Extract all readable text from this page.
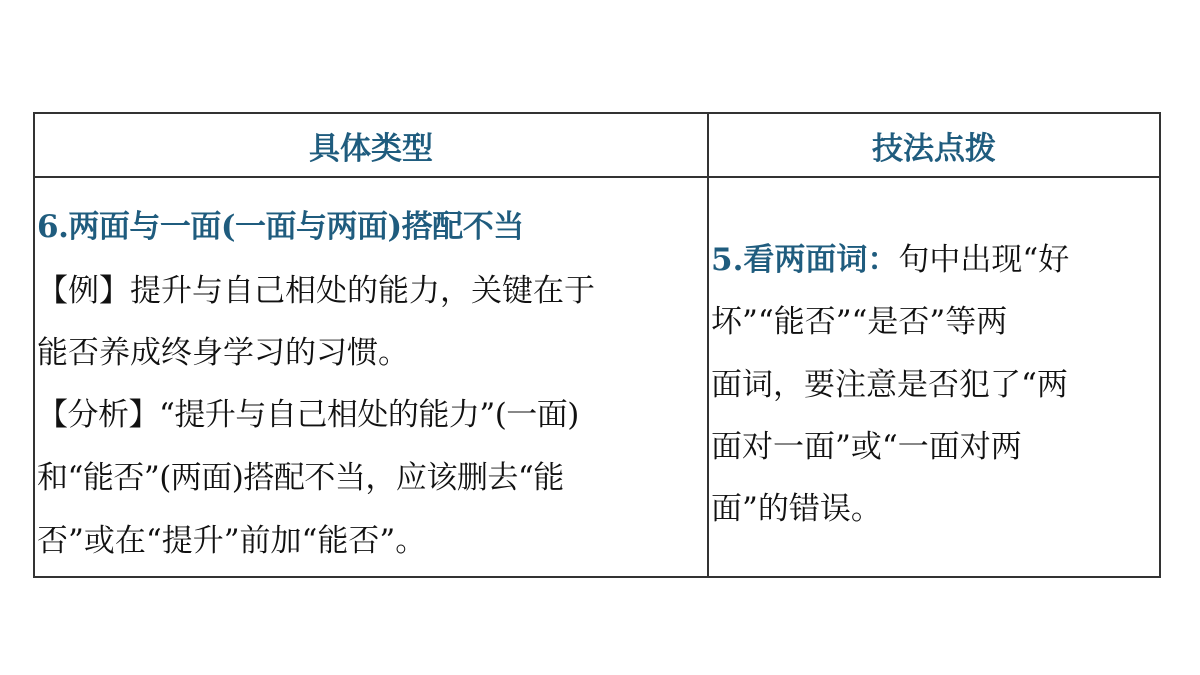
具体类型	技法点拨
6.两面与一面(一面与两面)搭配不当
【例】提升与自己相处的能力，关键在于
能否养成终身学习的习惯。
【分析】“提升与自己相处的能力”(一面)
和“能否”(两面)搭配不当，应该删去“能
否”或在“提升”前加“能否”。
5.看两面词：句中出现“好
坏”“能否”“是否”等两
面词，要注意是否犯了“两
面对一面”或“一面对两
面”的错误。
